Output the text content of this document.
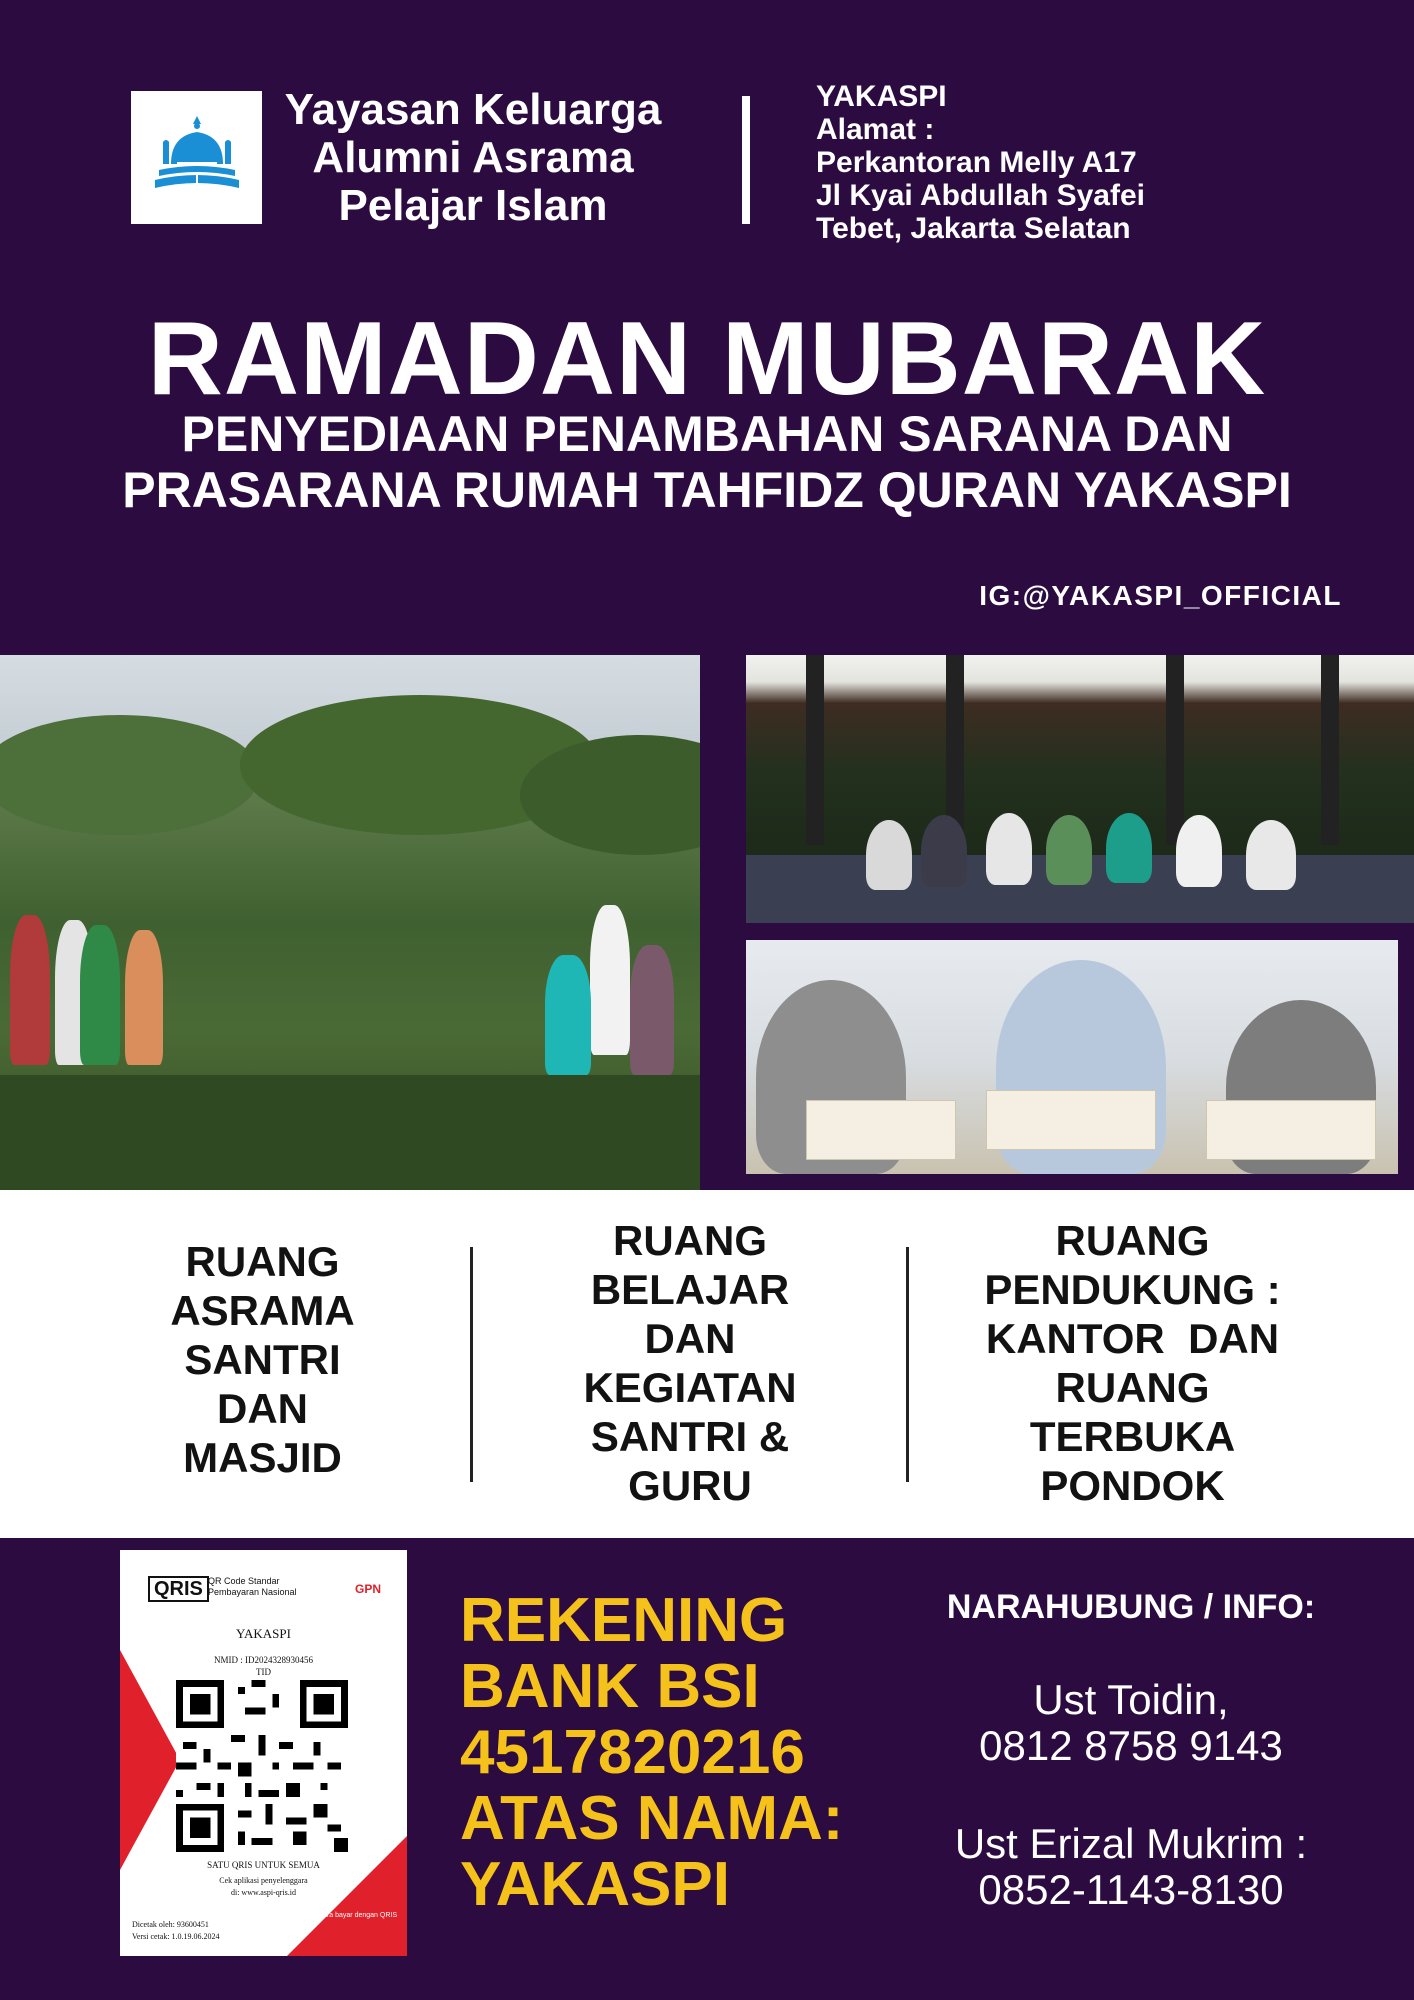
Yayasan Keluarga
Alumni Asrama
Pelajar Islam
YAKASPI
Alamat :
Perkantoran Melly A17
Jl Kyai Abdullah Syafei
Tebet, Jakarta Selatan
RAMADAN MUBARAK
PENYEDIAAN PENAMBAHAN SARANA DAN
PRASARANA RUMAH TAHFIDZ QURAN YAKASPI
IG:@YAKASPI_OFFICIAL
RUANG
ASRAMA
SANTRI
DAN
MASJID
RUANG
BELAJAR
DAN
KEGIATAN
SANTRI &
GURU
RUANG
PENDUKUNG :
KANTOR  DAN
RUANG
TERBUKA
PONDOK
QRIS QR Code Standar
Pembayaran Nasional	GPN
YAKASPI
NMID : ID2024328930456
TID
SATU QRIS UNTUK SEMUA
Cek aplikasi penyelenggara
di: www.aspi-qris.id
Dicetak oleh: 93600451
Versi cetak: 1.0.19.06.2024
Cara bayar dengan QRIS
REKENING
BANK BSI
4517820216
ATAS NAMA:
YAKASPI
NARAHUBUNG / INFO:
Ust Toidin,
0812 8758 9143
Ust Erizal Mukrim :
0852-1143-8130
